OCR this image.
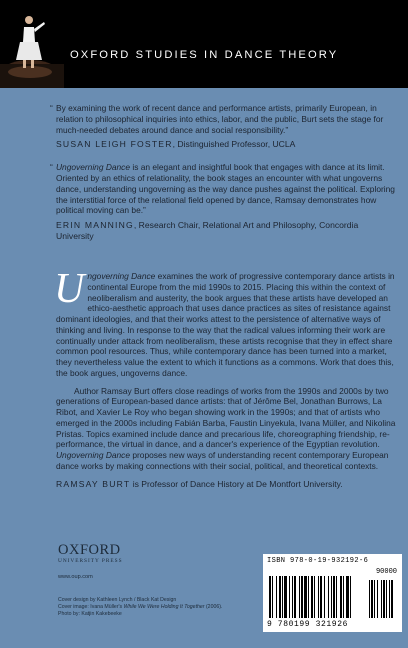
OXFORD STUDIES IN DANCE THEORY
“ By examining the work of recent dance and performance artists, primarily European, in relation to philosophical inquiries into ethics, labor, and the public, Burt sets the stage for much-needed debates around dance and social responsibility.”
SUSAN LEIGH FOSTER, Distinguished Professor, UCLA
“ Ungoverning Dance is an elegant and insightful book that engages with dance at its limit. Oriented by an ethics of relationality, the book stages an encounter with what ungoverns dance, understanding ungoverning as the way dance pushes against the political. Exploring the interstitial force of the relational field opened by dance, Ramsay demonstrates how political moving can be.”
ERIN MANNING, Research Chair, Relational Art and Philosophy, Concordia University

Ungoverning Dance examines the work of progressive contemporary dance artists in continental Europe from the mid 1990s to 2015. Placing this within the context of neoliberalism and austerity, the book argues that these artists have developed an ethico-aesthetic approach that uses dance practices as sites of resistance against dominant ideologies, and that their works attest to the persistence of alternative ways of thinking and living. In response to the way that the radical values informing their work are continually under attack from neoliberalism, these artists recognise that they in effect share common pool resources. Thus, while contemporary dance has been turned into a market, they nevertheless value the extent to which it functions as a commons. Work that does this, the book argues, ungoverns dance.

Author Ramsay Burt offers close readings of works from the 1990s and 2000s by two generations of European-based dance artists: that of Jérôme Bel, Jonathan Burrows, La Ribot, and Xavier Le Roy who began showing work in the 1990s; and that of artists who emerged in the 2000s including Fabián Barba, Faustin Linyekula, Ivana Müller, and Nikolina Pristas. Topics examined include dance and precarious life, choreographing friendship, re-performance, the virtual in dance, and a dancer's experience of the Egyptian revolution. Ungoverning Dance proposes new ways of understanding recent contemporary European dance works by making connections with their social, political, and theoretical contexts.

RAMSAY BURT is Professor of Dance History at De Montfort University.
OXFORD
UNIVERSITY PRESS
www.oup.com
Cover design by Kathleen Lynch / Black Kat Design
Cover image: Ivana Müller's While We Were Holding It Together (2006).
Photo by: Katjin Kakebeeke
ISBN 978-0-19-932192-6
90000
9 780199 321926
